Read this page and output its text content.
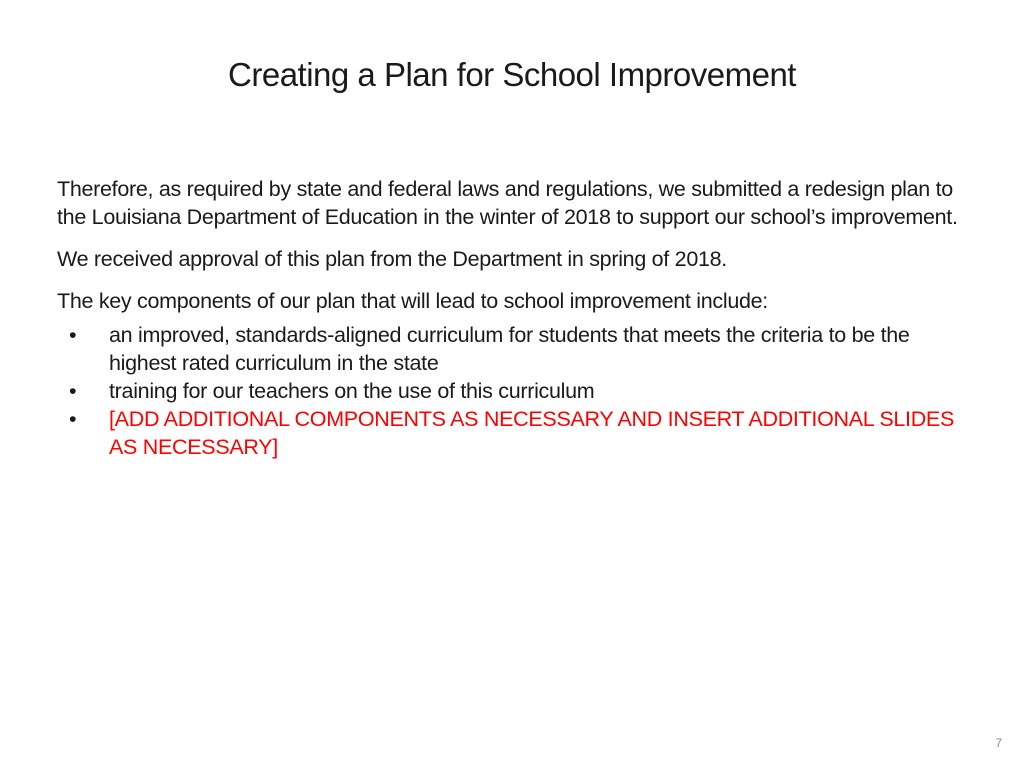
Creating a Plan for School Improvement

Therefore, as required by state and federal laws and regulations, we submitted a redesign plan to the Louisiana Department of Education in the winter of 2018 to support our school’s improvement.

We received approval of this plan from the Department in spring of 2018.

The key components of our plan that will lead to school improvement include:

• an improved, standards-aligned curriculum for students that meets the criteria to be the highest rated curriculum in the state
• training for our teachers on the use of this curriculum
• [ADD ADDITIONAL COMPONENTS AS NECESSARY AND INSERT ADDITIONAL SLIDES AS NECESSARY]
7
